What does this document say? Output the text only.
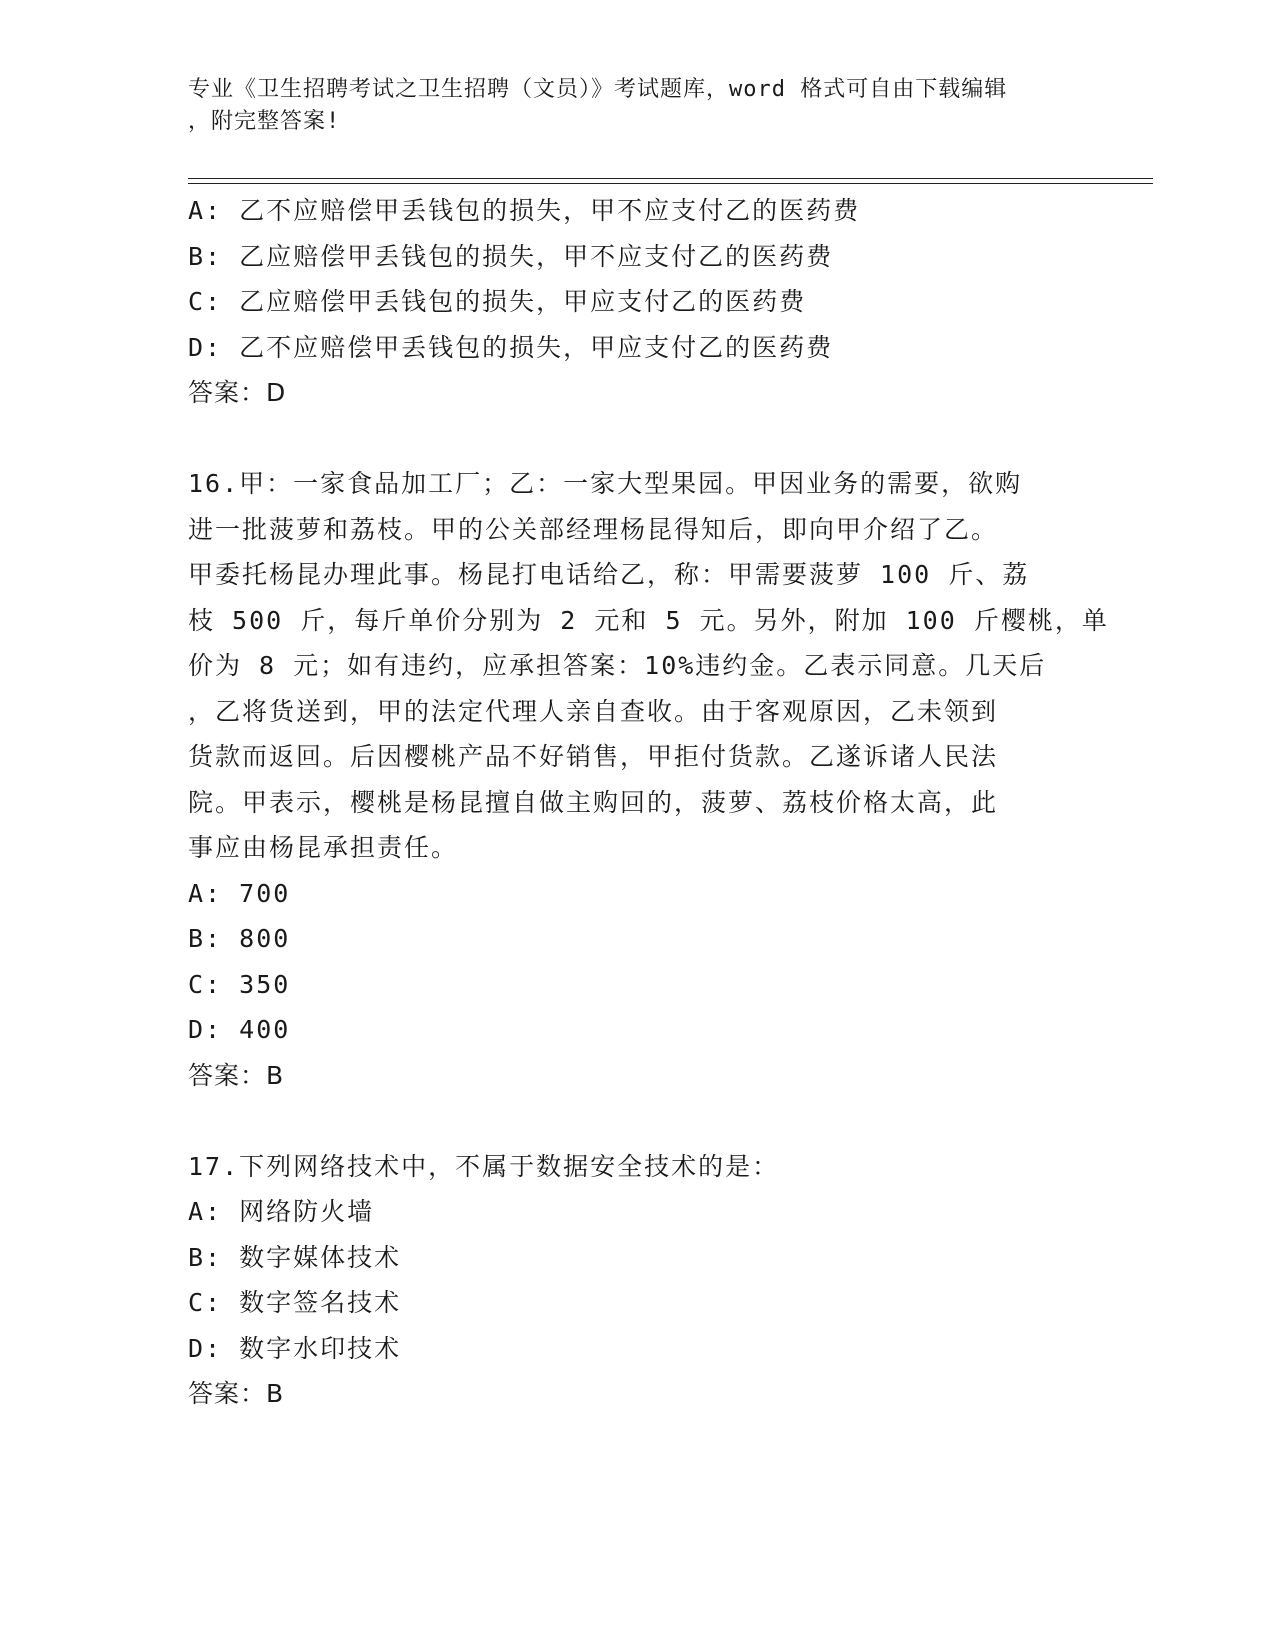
专业《卫生招聘考试之卫生招聘（文员）》考试题库，word 格式可自由下载编辑
，附完整答案!
A: 乙不应赔偿甲丢钱包的损失，甲不应支付乙的医药费
B: 乙应赔偿甲丢钱包的损失，甲不应支付乙的医药费
C: 乙应赔偿甲丢钱包的损失，甲应支付乙的医药费
D: 乙不应赔偿甲丢钱包的损失，甲应支付乙的医药费
答案：D
16.甲：一家食品加工厂；乙：一家大型果园。甲因业务的需要，欲购
进一批菠萝和荔枝。甲的公关部经理杨昆得知后，即向甲介绍了乙。
甲委托杨昆办理此事。杨昆打电话给乙，称：甲需要菠萝 100 斤、荔
枝 500 斤，每斤单价分别为 2 元和 5 元。另外，附加 100 斤樱桃，单
价为 8 元；如有违约，应承担答案：10%违约金。乙表示同意。几天后
，乙将货送到，甲的法定代理人亲自查收。由于客观原因，乙未领到
货款而返回。后因樱桃产品不好销售，甲拒付货款。乙遂诉诸人民法
院。甲表示，樱桃是杨昆擅自做主购回的，菠萝、荔枝价格太高，此
事应由杨昆承担责任。
A: 700
B: 800
C: 350
D: 400
答案：B
17.下列网络技术中，不属于数据安全技术的是：
A: 网络防火墙
B: 数字媒体技术
C: 数字签名技术
D: 数字水印技术
答案：B
